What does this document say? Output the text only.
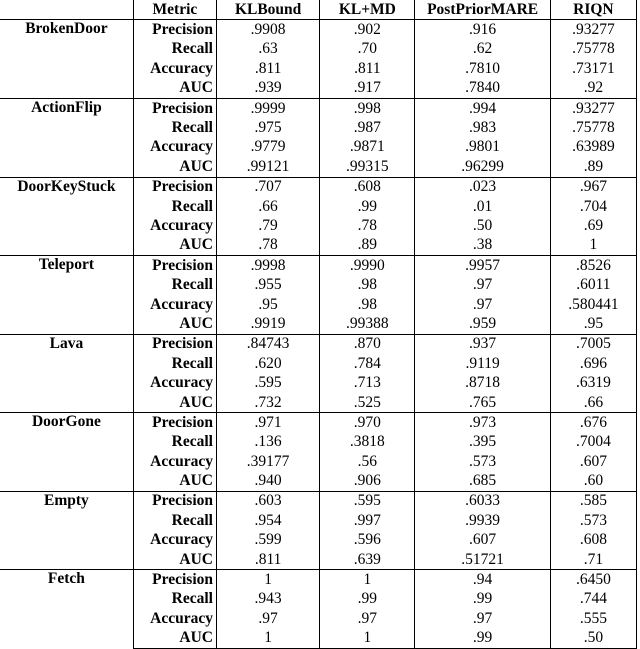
	Metric	KLBound	KL+MD	PostPriorMARE	RIQN
BrokenDoor	Precision	.9908	.902	.916	.93277
	Recall	.63	.70	.62	.75778
	Accuracy	.811	.811	.7810	.73171
	AUC	.939	.917	.7840	.92
ActionFlip	Precision	.9999	.998	.994	.93277
	Recall	.975	.987	.983	.75778
	Accuracy	.9779	.9871	.9801	.63989
	AUC	.99121	.99315	.96299	.89
DoorKeyStuck	Precision	.707	.608	.023	.967
	Recall	.66	.99	.01	.704
	Accuracy	.79	.78	.50	.69
	AUC	.78	.89	.38	1
Teleport	Precision	.9998	.9990	.9957	.8526
	Recall	.955	.98	.97	.6011
	Accuracy	.95	.98	.97	.580441
	AUC	.9919	.99388	.959	.95
Lava	Precision	.84743	.870	.937	.7005
	Recall	.620	.784	.9119	.696
	Accuracy	.595	.713	.8718	.6319
	AUC	.732	.525	.765	.66
DoorGone	Precision	.971	.970	.973	.676
	Recall	.136	.3818	.395	.7004
	Accuracy	.39177	.56	.573	.607
	AUC	.940	.906	.685	.60
Empty	Precision	.603	.595	.6033	.585
	Recall	.954	.997	.9939	.573
	Accuracy	.599	.596	.607	.608
	AUC	.811	.639	.51721	.71
Fetch	Precision	1	1	.94	.6450
	Recall	.943	.99	.99	.744
	Accuracy	.97	.97	.97	.555
	AUC	1	1	.99	.50
